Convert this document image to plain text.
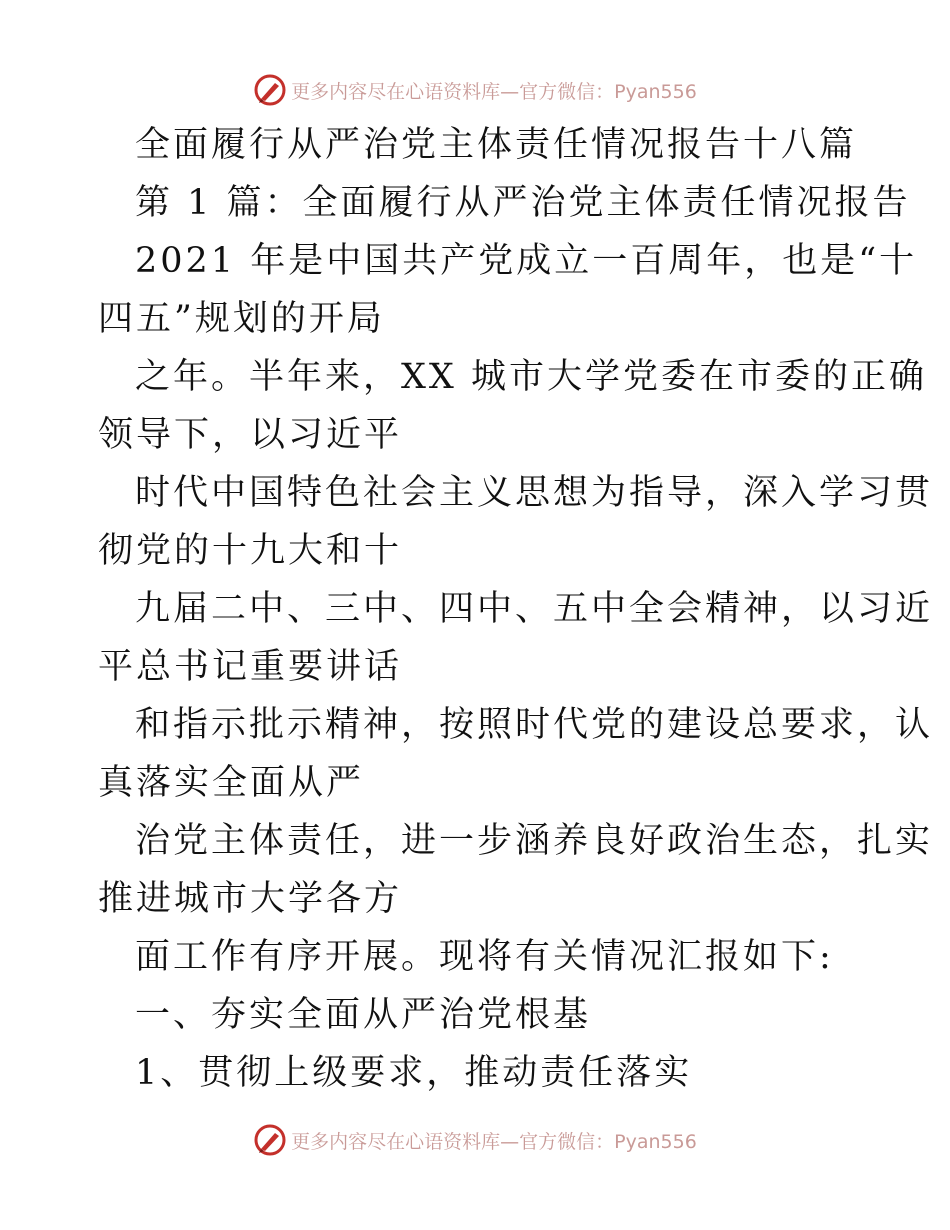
更多内容尽在心语资料库—官方微信：Pyan556
全面履行从严治党主体责任情况报告十八篇
第 1 篇：全面履行从严治党主体责任情况报告
2021 年是中国共产党成立一百周年，也是“十
四五”规划的开局
之年。半年来，XX 城市大学党委在市委的正确
领导下，以习近平
时代中国特色社会主义思想为指导，深入学习贯
彻党的十九大和十
九届二中、三中、四中、五中全会精神，以习近
平总书记重要讲话
和指示批示精神，按照时代党的建设总要求，认
真落实全面从严
治党主体责任，进一步涵养良好政治生态，扎实
推进城市大学各方
面工作有序开展。现将有关情况汇报如下:
一、夯实全面从严治党根基
1、贯彻上级要求，推动责任落实
更多内容尽在心语资料库—官方微信：Pyan556
